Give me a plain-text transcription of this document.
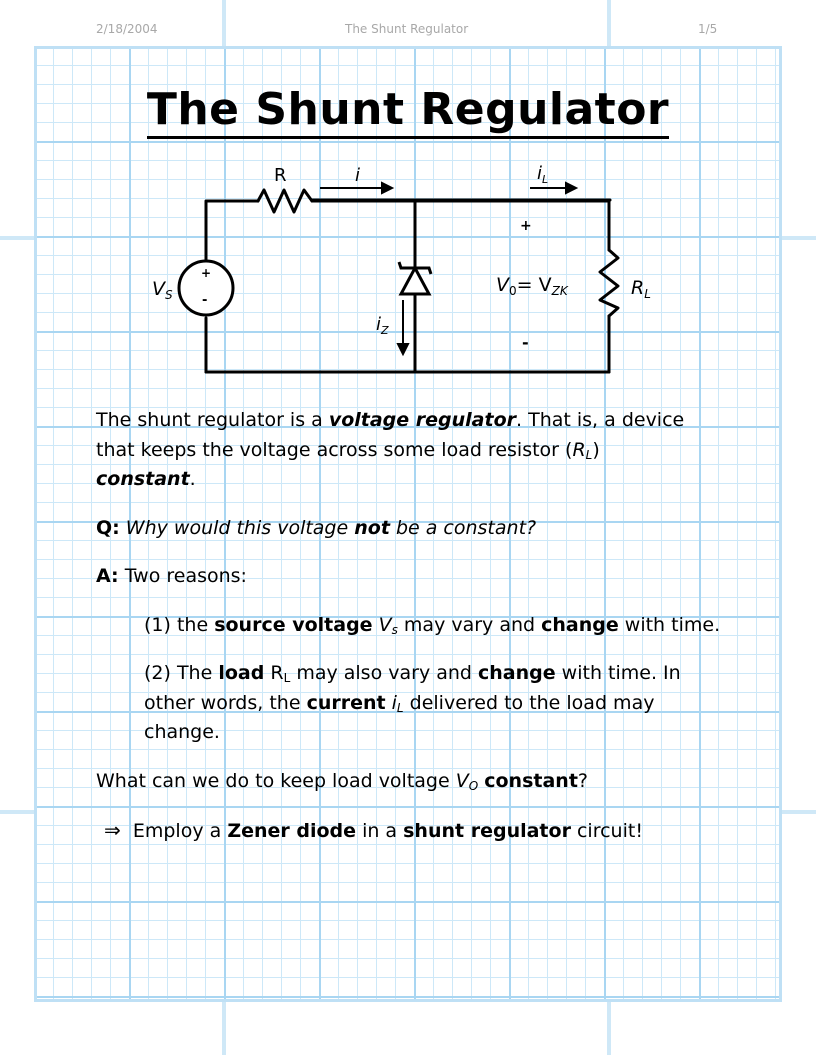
2/18/2004	The Shunt Regulator	1/5
The Shunt Regulator
R	i	$i_L$
$V_S$
+
-
$i_Z$
+
-
$V_0= V_{ZK}$	$R_L$
The shunt regulator is a voltage regulator. That is, a device
that keeps the voltage across some load resistor $(R_L)$
constant.
Q: Why would this voltage not be a constant?
A: Two reasons:
(1) the source voltage $V_s$ may vary and change with time.
(2) The load $R_L$ may also vary and change with time. In
other words, the current $i_L$ delivered to the load may
change.
What can we do to keep load voltage $V_O$ constant?
⇒ Employ a Zener diode in a shunt regulator circuit!
